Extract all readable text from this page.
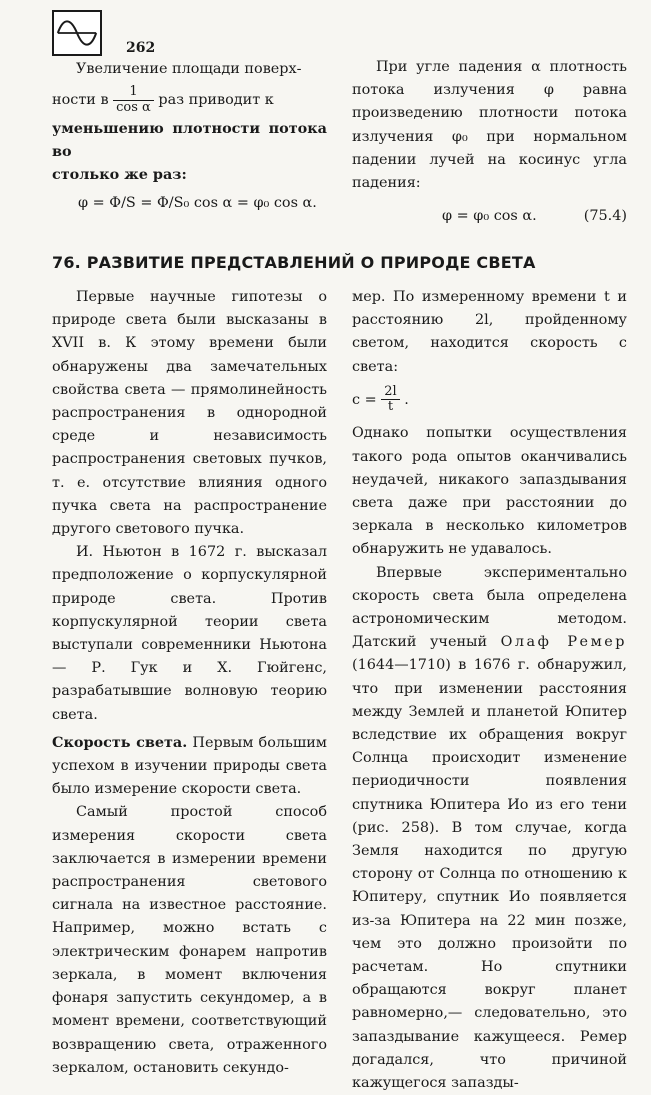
262

Увеличение площади поверх-

ности в $\frac{1}{\text{cos α}}$ раз приводит к

уменьшению плотности потока во

столько же раз:

φ = Φ/S = Φ/S₀ cos α = φ₀ cos α.

При угле падения α плотность потока излучения φ равна произведению плотности потока излучения φ₀ при нормальном падении лучей на косинус угла падения:

φ = φ₀ cos α.	(75.4)
76. РАЗВИТИЕ ПРЕДСТАВЛЕНИЙ О ПРИРОДЕ СВЕТА

Первые научные гипотезы о природе света были высказаны в XVII в. К этому времени были обнаружены два замечательных свойства света — прямолинейность распространения в однородной среде и независимость распространения световых пучков, т. е. отсутствие влияния одного пучка света на распространение другого светового пучка.

И. Ньютон в 1672 г. высказал предположение о корпускулярной природе света. Против корпускулярной теории света выступали современники Ньютона — Р. Гук и Х. Гюйгенс, разрабатывшие волновую теорию света.

Скорость света. Первым большим успехом в изучении природы света было измерение скорости света.

Самый простой способ измерения скорости света заключается в измерении времени распространения светового сигнала на известное расстояние. Например, можно встать с электрическим фонарем напротив зеркала, в момент включения фонаря запустить секундомер, а в момент времени, соответствующий возвращению света, отраженного зеркалом, остановить секундо-

мер. По измеренному времени t и расстоянию 2l, пройденному светом, находится скорость c света:

$c = \frac{2l}{t}$ .

Однако попытки осуществления такого рода опытов оканчивались неудачей, никакого запаздывания света даже при расстоянии до зеркала в несколько километров обнаружить не удавалось.

Впервые экспериментально скорость света была определена астрономическим методом. Датский ученый Олаф Ремер (1644—1710) в 1676 г. обнаружил, что при изменении расстояния между Землей и планетой Юпитер вследствие их обращения вокруг Солнца происходит изменение периодичности появления спутника Юпитера Ио из его тени (рис. 258). В том случае, когда Земля находится по другую сторону от Солнца по отношению к Юпитеру, спутник Ио появляется из-за Юпитера на 22 мин позже, чем это должно произойти по расчетам. Но спутники обращаются вокруг планет равномерно,— следовательно, это запаздывание кажущееся. Ремер догадался, что причиной кажущегося запазды-
